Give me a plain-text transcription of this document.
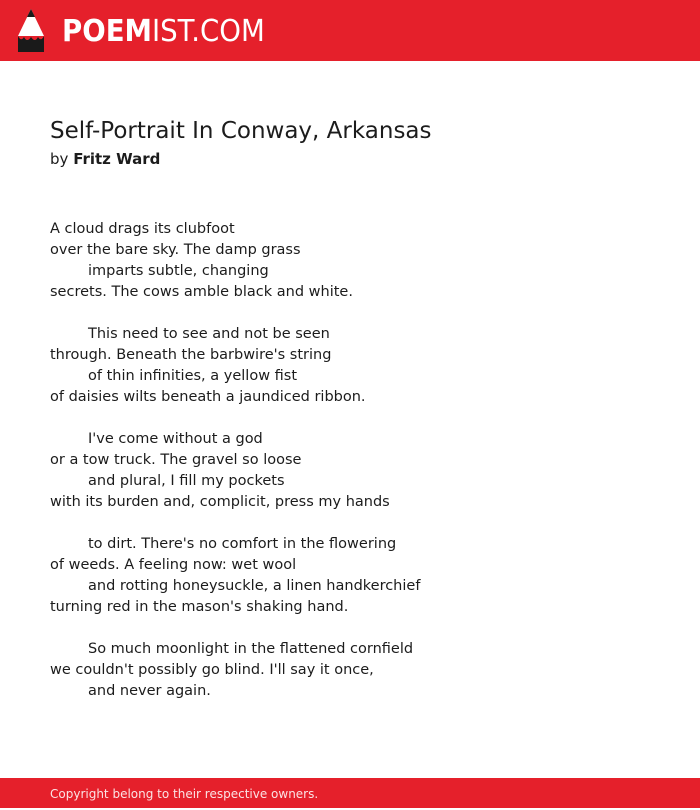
POEMIST.COM
Self-Portrait In Conway, Arkansas
by Fritz Ward
A cloud drags its clubfoot
over the bare sky. The damp grass
imparts subtle, changing
secrets. The cows amble black and white.
This need to see and not be seen
through. Beneath the barbwire's string
of thin infinities, a yellow fist
of daisies wilts beneath a jaundiced ribbon.
I've come without a god
or a tow truck. The gravel so loose
and plural, I fill my pockets
with its burden and, complicit, press my hands
to dirt. There's no comfort in the flowering
of weeds. A feeling now: wet wool
and rotting honeysuckle, a linen handkerchief
turning red in the mason's shaking hand.
So much moonlight in the flattened cornfield
we couldn't possibly go blind. I'll say it once,
and never again.
Copyright belong to their respective owners.
